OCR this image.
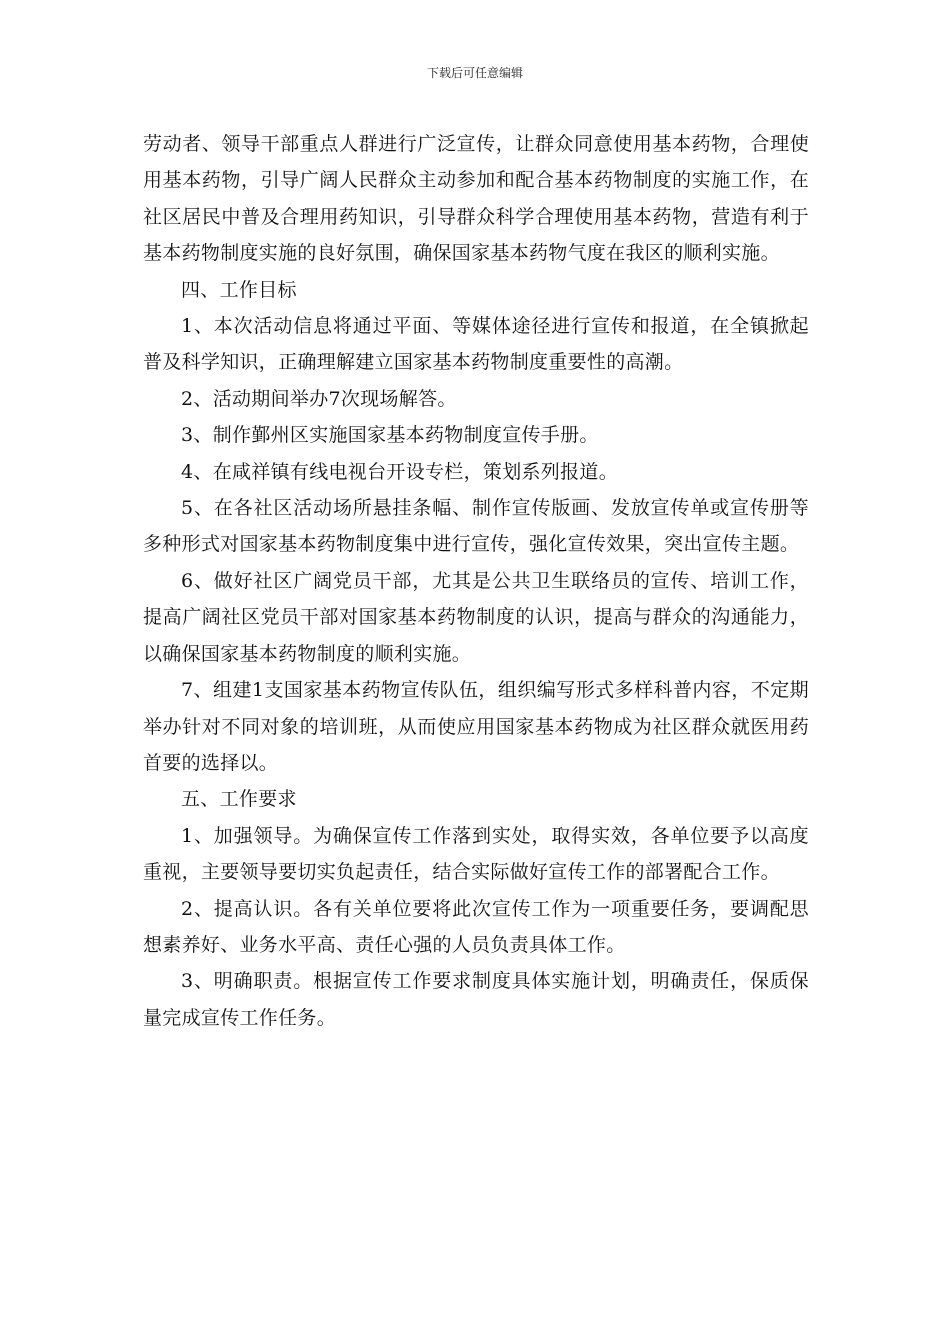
下载后可任意编辑

劳动者、领导干部重点人群进行广泛宣传，让群众同意使用基本药物，合理使用基本药物，引导广阔人民群众主动参加和配合基本药物制度的实施工作，在社区居民中普及合理用药知识，引导群众科学合理使用基本药物，营造有利于基本药物制度实施的良好氛围，确保国家基本药物气度在我区的顺利实施。

四、工作目标

1、本次活动信息将通过平面、等媒体途径进行宣传和报道，在全镇掀起普及科学知识，正确理解建立国家基本药物制度重要性的高潮。

2、活动期间举办7次现场解答。

3、制作鄞州区实施国家基本药物制度宣传手册。

4、在咸祥镇有线电视台开设专栏，策划系列报道。

5、在各社区活动场所悬挂条幅、制作宣传版画、发放宣传单或宣传册等多种形式对国家基本药物制度集中进行宣传，强化宣传效果，突出宣传主题。

6、做好社区广阔党员干部，尤其是公共卫生联络员的宣传、培训工作，提高广阔社区党员干部对国家基本药物制度的认识，提高与群众的沟通能力，以确保国家基本药物制度的顺利实施。

7、组建1支国家基本药物宣传队伍，组织编写形式多样科普内容，不定期举办针对不同对象的培训班，从而使应用国家基本药物成为社区群众就医用药首要的选择以。

五、工作要求

1、加强领导。为确保宣传工作落到实处，取得实效，各单位要予以高度重视，主要领导要切实负起责任，结合实际做好宣传工作的部署配合工作。

2、提高认识。各有关单位要将此次宣传工作为一项重要任务，要调配思想素养好、业务水平高、责任心强的人员负责具体工作。

3、明确职责。根据宣传工作要求制度具体实施计划，明确责任，保质保量完成宣传工作任务。
